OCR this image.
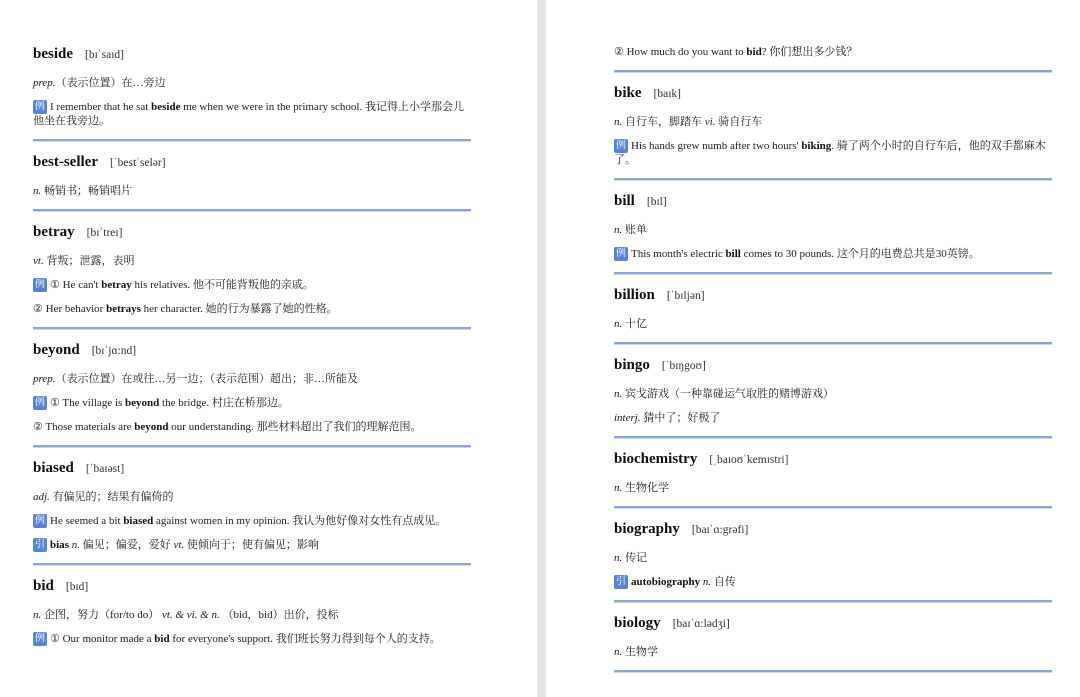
beside [bɪˈsaɪd]
prep.（表示位置）在…旁边
例 I remember that he sat beside me when we were in the primary school. 我记得上小学那会儿他坐在我旁边。
best-seller [ˈbestˈselər]
n. 畅销书；畅销唱片
betray [bɪˈtreɪ]
vt. 背叛；泄露，表明
例 ① He can't betray his relatives. 他不可能背叛他的亲戚。
② Her behavior betrays her character. 她的行为暴露了她的性格。
beyond [bɪˈjɑ:nd]
prep.（表示位置）在或往…另一边；（表示范围）超出；非…所能及
例 ① The village is beyond the bridge. 村庄在桥那边。
② Those materials are beyond our understanding. 那些材料超出了我们的理解范围。
biased [ˈbaɪəst]
adj. 有偏见的；结果有偏倚的
例 He seemed a bit biased against women in my opinion. 我认为他好像对女性有点成见。
引 bias n. 偏见；偏爱，爱好 vt. 使倾向于；使有偏见；影响
bid [bɪd]
n. 企图，努力（for/to do） vt. & vi. & n. （bid，bid）出价，投标
例 ① Our monitor made a bid for everyone's support. 我们班长努力得到每个人的支持。
② How much do you want to bid? 你们想出多少钱？
bike [baɪk]
n. 自行车，脚踏车 vi. 骑自行车
例 His hands grew numb after two hours' biking. 骑了两个小时的自行车后，他的双手都麻木了。
bill [bɪl]
n. 账单
例 This month's electric bill comes to 30 pounds. 这个月的电费总共是30英镑。
billion [ˈbɪljən]
n. 十亿
bingo [ˈbɪŋgoʊ]
n. 宾戈游戏（一种靠碰运气取胜的赌博游戏）
interj. 猜中了；好极了
biochemistry [ˌbaɪoʊˈkemɪstri]
n. 生物化学
biography [baɪˈɑ:grəfi]
n. 传记
引 autobiography n. 自传
biology [baɪˈɑ:lədʒi]
n. 生物学
